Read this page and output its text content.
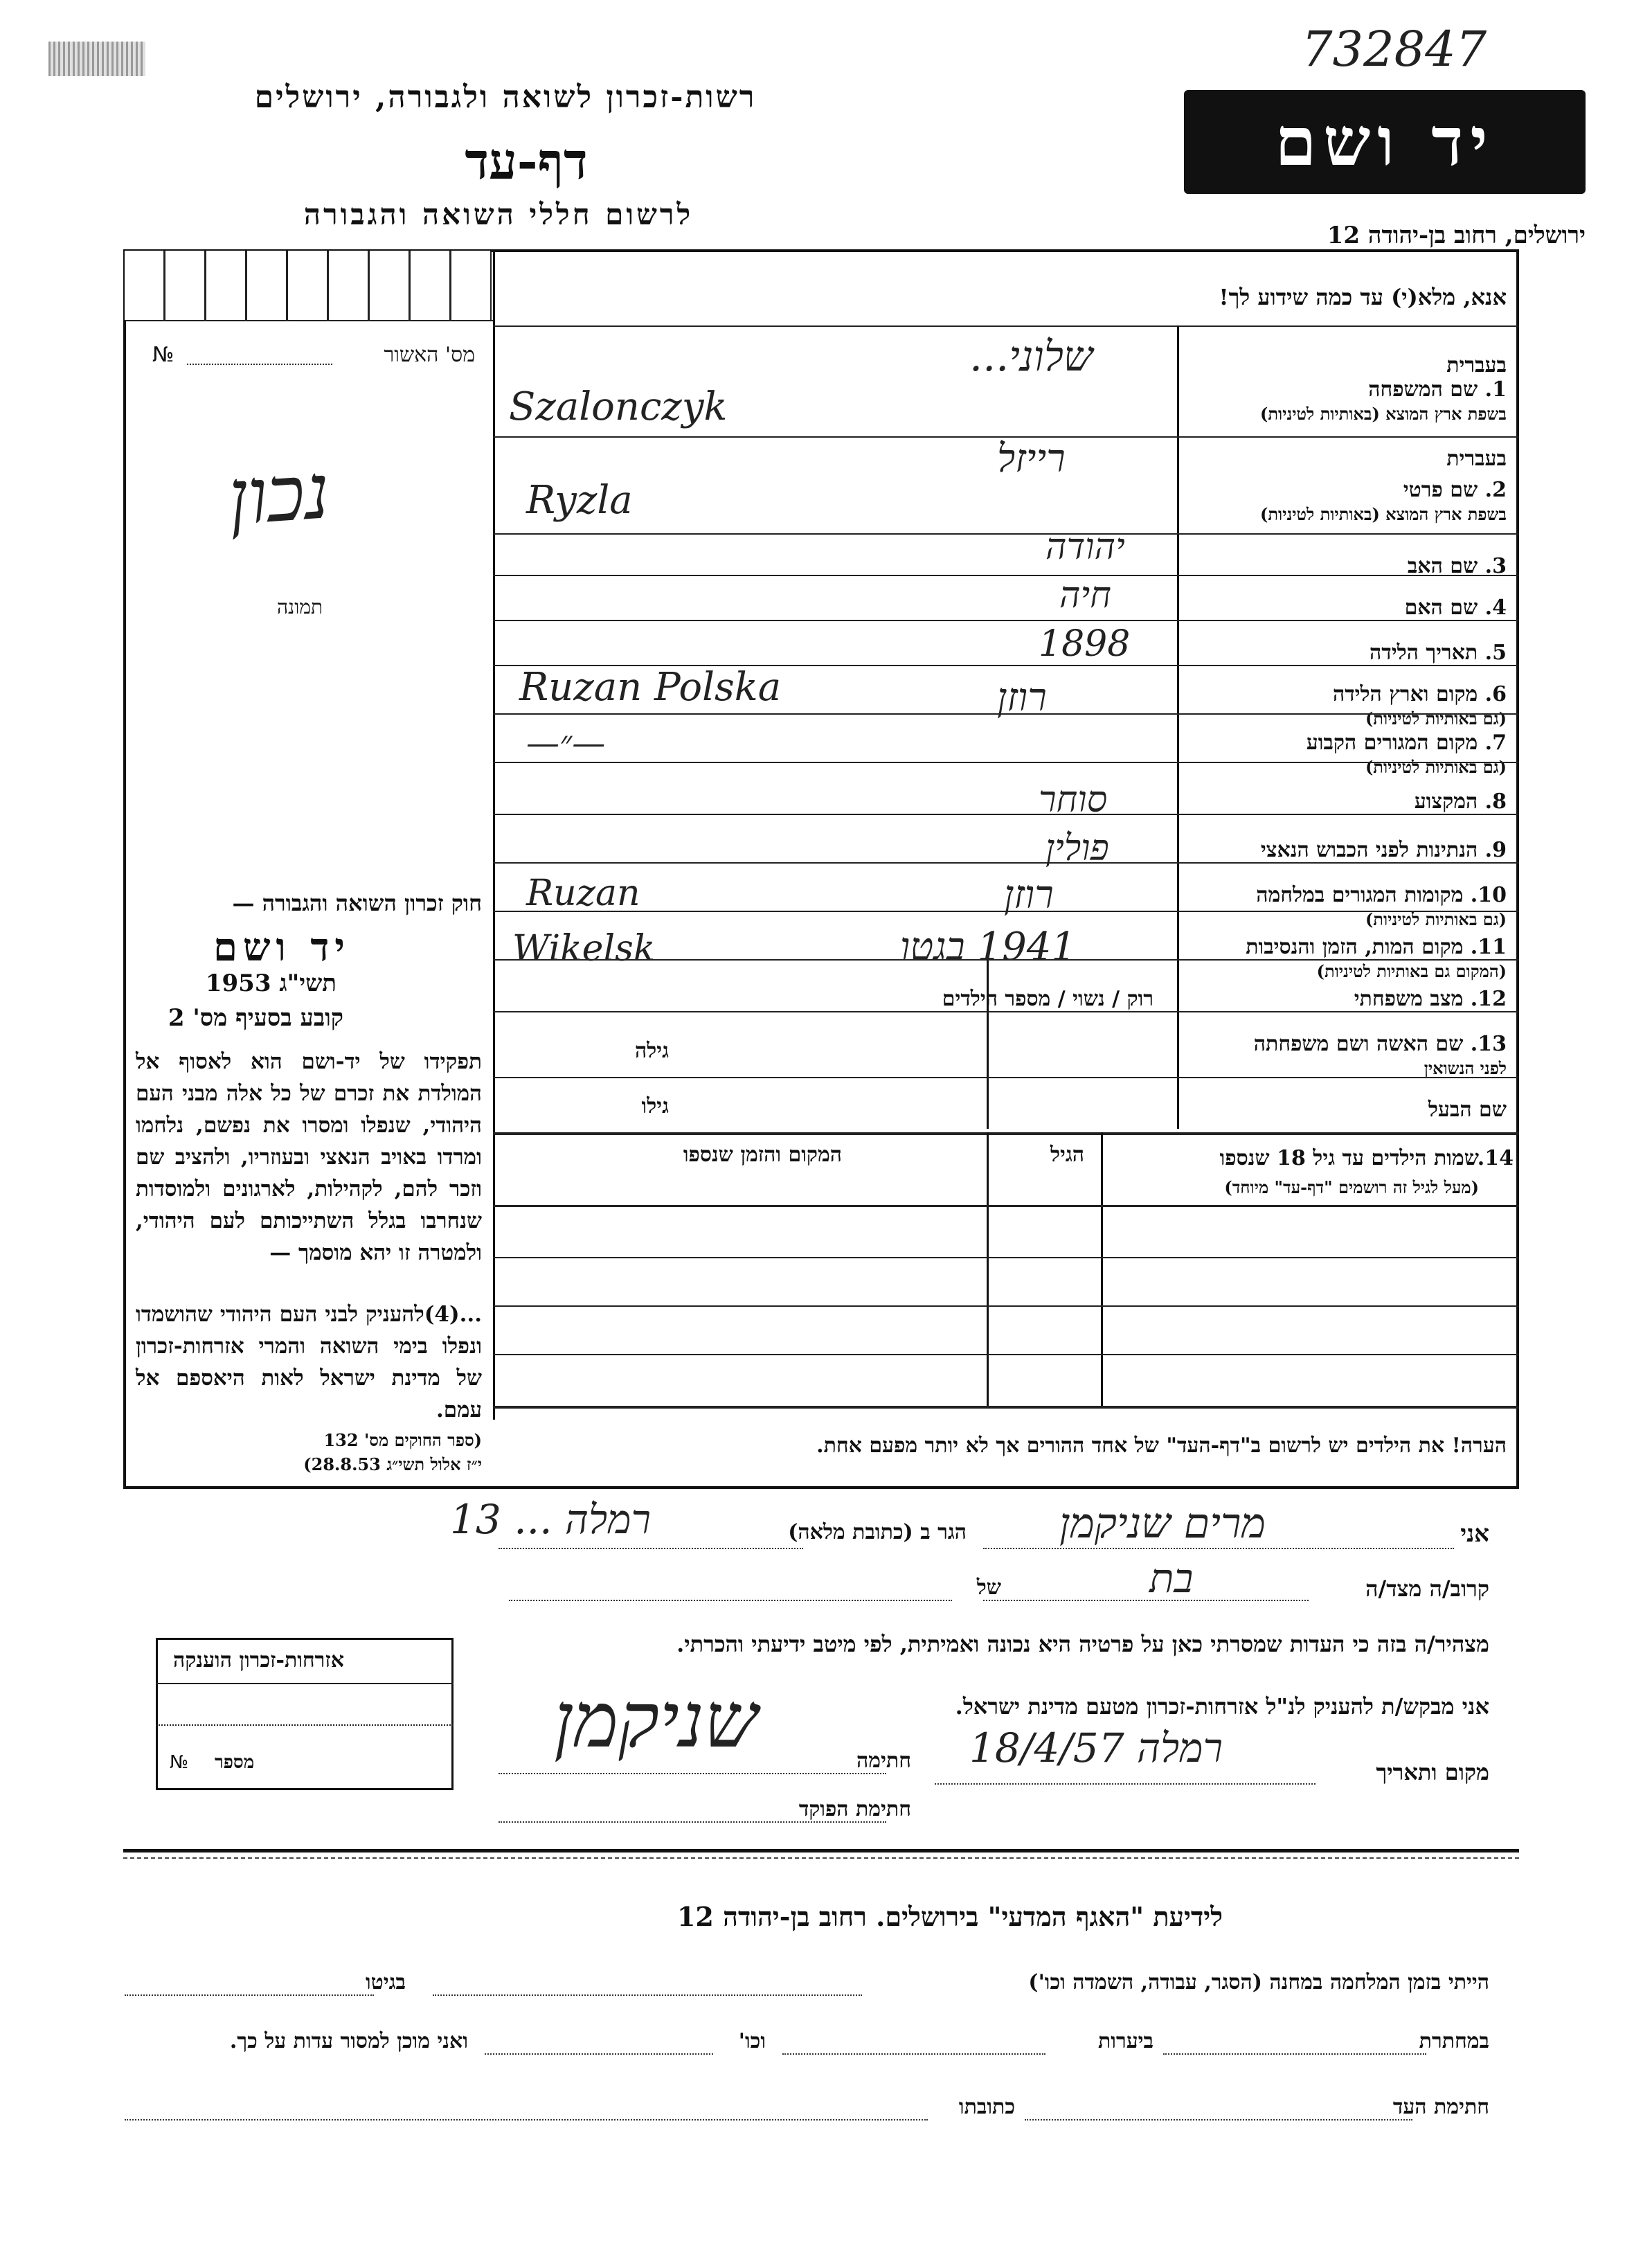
732847
רשות-זכרון לשואה ולגבורה, ירושלים
דף-עד
לרשום חללי השואה והגבורה
יד ושם
ירושלים, רחוב בן-יהודה 12
אנא, מלא(י) עד כמה שידוע לך!
מס' האשור
№
נכון
תמונה
בעברית
בעברית
1. שם המשפחה
בשפת ארץ המוצא (באותיות לטיניות)
2. שם פרטי
בשפת ארץ המוצא (באותיות לטיניות)
3. שם האב
4. שם האם
5. תאריך הלידה
6. מקום וארץ הלידה
(גם באותיות לטיניות)
7. מקום המגורים הקבוע
(גם באותיות לטיניות)
8. המקצוע
9. הנתינות לפני הכבוש הנאצי
10. מקומות המגורים במלחמה
(גם באותיות לטיניות)
11. מקום המות, הזמן והנסיבות
(המקום גם באותיות לטיניות)
12. מצב משפחתי
13. שם האשה ושם משפחתה
לפני הנשואין
שם הבעל
שלוני...
Szalonczyk
רייזל
Ryzla
יהודה
חיה
1898
רוזן
Ruzan Polska
—״—
סוחר
פולין
רוזן
Ruzan
1941 בגטו
Wikelsk
רוק / נשוי / מספר הילדים
גילה
גילו
14.
שמות הילדים עד גיל 18 שנספו
(מעל לגיל זה רושמים "דף-עד" מיוחד)
הגיל
המקום והזמן שנספו
הערה! את הילדים יש לרשום ב"דף-העד" של אחד ההורים אך לא יותר מפעם אחת.
חוק זכרון השואה והגבורה —
יד ושם
תשי"ג 1953
קובע בסעיף מס' 2
תפקידו של יד-ושם הוא לאסוף אל המולדת את זכרם של כל אלה מבני העם היהודי, שנפלו ומסרו את נפשם, נלחמו ומרדו באויב הנאצי ובעוזריו, ולהציב שם וזכר להם, לקהילות, לארגונים ולמוסדות שנחרבו בגלל השתייכותם לעם היהודי, ולמטרה זו יהא מוסמך —
...(4)להעניק לבני העם היהודי שהושמדו ונפלו בימי השואה והמרי אזרחות-זכרון של מדינת ישראל לאות היאספם אל עמם.
(ספר החוקים מס' 132
י״ז אלול תשי״ג 28.8.53)
אני
מרים שניקמן
הגר ב (כתובת מלאה)
רמלה ... 13
קרוב/ה מצד/ה
בת
של
מצהיר/ה בזה כי העדות שמסרתי כאן על פרטיה היא נכונה ואמיתית, לפי מיטב ידיעתי והכרתי.
אני מבקש/ת להעניק לנ"ל אזרחות-זכרון מטעם מדינת ישראל.
מקום ותאריך
רמלה 18/4/57
חתימה
שניקמן
חתימת הפוקד
אזרחות-זכרון הוענקה
מספר
№
לידיעת "האגף המדעי" בירושלים. רחוב בן-יהודה 12
הייתי בזמן המלחמה במחנה (הסגר, עבודה, השמדה וכו')
בגיטו
במחתרת
ביערות
וכו'
ואני מוכן למסור עדות על כך.
חתימת העד
כתובתו
